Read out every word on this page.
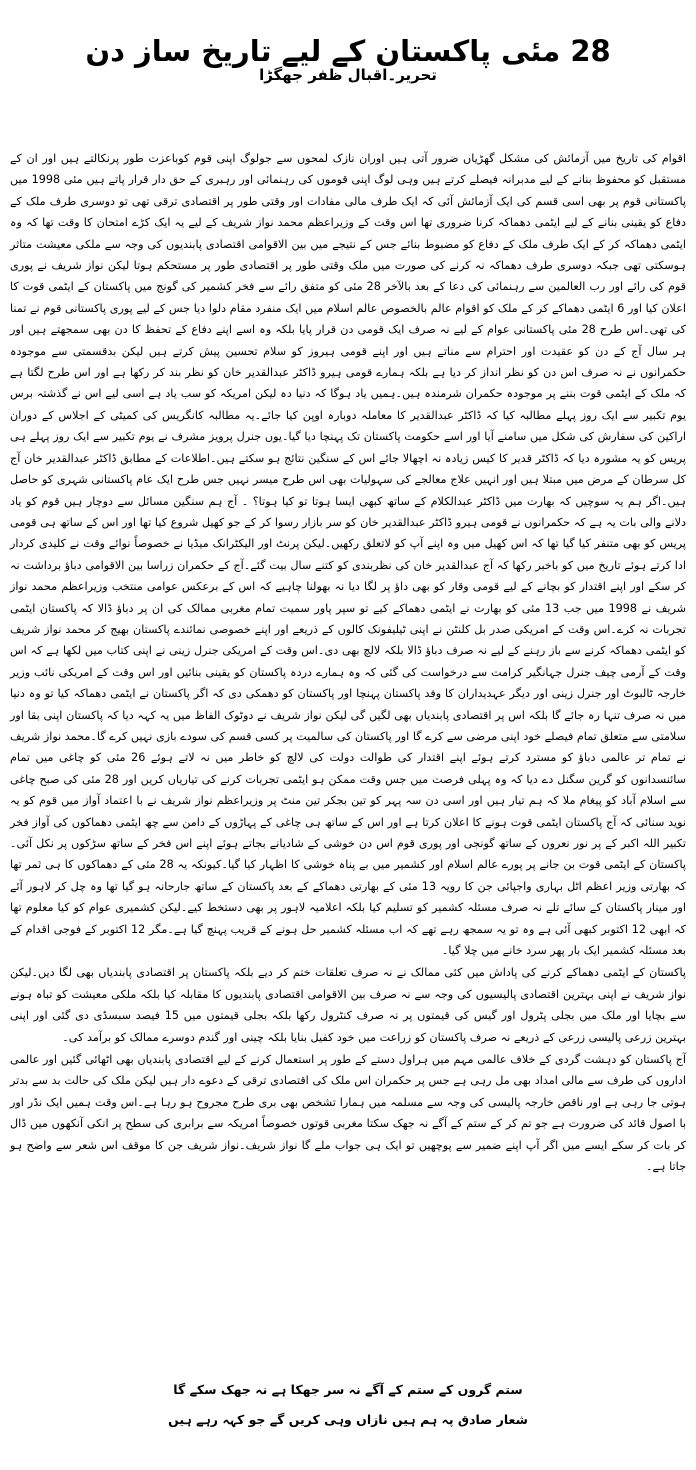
28 مئی پاکستان کے لیے تاریخ ساز دن
تحریر۔اقبال ظفر جھگڑا

اقوام کی تاریخ میں آزمائش کی مشکل گھڑیاں ضرور آتی ہیں اوران نازک لمحوں سے جولوگ اپنی قوم کوباعزت طور پرنکالتے ہیں اور ان کے مستقبل کو محفوظ بنانے کے لیے مدبرانہ فیصلے کرتے ہیں وہی لوگ اپنی قوموں کی رہنمائی اور رہبری کے حق دار قرار پاتے ہیں مئی 1998 میں پاکستانی قوم پر بھی اسی قسم کی ایک آزمائش آئی کہ ایک طرف مالی مفادات اور وقتی طور پر اقتصادی ترقی تھی تو دوسری طرف ملک کے دفاع کو یقینی بنانے کے لیے ایٹمی دھماکہ کرنا ضروری تھا اس وقت کے وزیراعظم محمد نواز شریف کے لیے یہ ایک کڑے امتحان کا وقت تھا کہ وہ ایٹمی دھماکہ کر کے ایک طرف ملک کے دفاع کو مضبوط بنائے جس کے نتیجے میں بین الاقوامی اقتصادی پابندیوں کی وجہ سے ملکی معیشت متاثر ہوسکتی تھی جبکہ دوسری طرف دھماکہ نہ کرنے کی صورت میں ملک وقتی طور پر اقتصادی طور پر مستحکم ہوتا لیکن نواز شریف نے پوری قوم کی رائے اور رب العالمین سے رہنمائی کی دعا کے بعد بالآخر 28 مئی کو متفق رائے سے فخر کشمیر کی گونج میں پاکستان کے ایٹمی قوت کا اعلان کیا اور 6 ایٹمی دھماکے کر کے ملک کو اقوام عالم بالخصوص عالم اسلام میں ایک منفرد مقام دلوا دیا جس کے لیے پوری پاکستانی قوم نے تمنا کی تھی۔اس طرح 28 مئی پاکستانی عوام کے لیے نہ صرف ایک قومی دن قرار پایا بلکہ وہ اسے اپنے دفاع کے تحفظ کا دن بھی سمجھتے ہیں اور ہر سال آج کے دن کو عقیدت اور احترام سے مناتے ہیں اور اپنے قومی ہیروز کو سلام تحسین پیش کرتے ہیں لیکن بدقسمتی سے موجودہ حکمرانوں نے نہ صرف اس دن کو نظر انداز کر دیا ہے بلکہ ہمارے قومی ہیرو ڈاکٹر عبدالقدیر خان کو نظر بند کر رکھا ہے اور اس طرح لگتا ہے کہ ملک کے ایٹمی قوت بننے پر موجودہ حکمران شرمندہ ہیں۔ہمیں یاد ہوگا کہ دنیا دہ لیکن امریکہ کو سب یاد ہے اسی لیے اس نے گذشتہ برس یوم تکبیر سے ایک روز پہلے مطالبہ کیا کہ ڈاکٹر عبدالقدیر کا معاملہ دوبارہ اوپن کیا جائے۔یہ مطالبہ کانگریس کی کمیٹی کے اجلاس کے دوران اراکین کی سفارش کی شکل میں سامنے آیا اور اسے حکومت پاکستان تک پہنچا دیا گیا۔یوں جنرل پرویز مشرف نے یوم تکبیر سے ایک روز پہلے ہی پریس کو یہ مشورہ دیا کہ ڈاکٹر قدیر کا کیس زیادہ نہ اچھالا جائے اس کے سنگین نتائج ہو سکتے ہیں۔اطلاعات کے مطابق ڈاکٹر عبدالقدیر خان آج کل سرطان کے مرض میں مبتلا ہیں اور انہیں علاج معالجے کی سہولیات بھی اس طرح میسر نہیں جس طرح ایک عام پاکستانی شہری کو حاصل ہیں۔اگر ہم یہ سوچیں کہ بھارت میں ڈاکٹر عبدالکلام کے ساتھ کبھی ایسا ہوتا تو کیا ہوتا؟ ۔ آج ہم سنگین مسائل سے دوچار ہیں قوم کو یاد دلانے والی بات یہ ہے کہ حکمرانوں نے قومی ہیرو ڈاکٹر عبدالقدیر خان کو سر بازار رسوا کر کے جو کھیل شروع کیا تھا اور اس کے ساتھ ہی قومی پریس کو بھی متنفر کیا گیا تھا کہ اس کھیل میں وہ اپنے آپ کو لاتعلق رکھیں۔لیکن پرنٹ اور الیکٹرانک میڈیا نے خصوصاً نوائے وقت نے کلیدی کردار ادا کرتے ہوئے تاریخ میں کو باخبر رکھا کہ آج عبدالقدیر خان کی نظربندی کو کتنے سال بیت گئے۔آج کے حکمران زراسا بین الاقوامی دباؤ برداشت نہ کر سکے اور اپنے اقتدار کو بچانے کے لیے قومی وقار کو بھی داؤ پر لگا دیا نہ بھولنا چاہیے کہ اس کے برعکس عوامی منتخب وزیراعظم محمد نواز شریف نے 1998 میں جب 13 مئی کو بھارت نے ایٹمی دھماکے کیے تو سپر پاور سمیت تمام مغربی ممالک کی ان پر دباؤ ڈالا کہ پاکستان ایٹمی تجربات نہ کرے۔اس وقت کے امریکی صدر بل کلنٹن نے اپنی ٹیلیفونک کالوں کے ذریعے اور اپنے خصوصی نمائندے پاکستان بھیج کر محمد نواز شریف کو ایٹمی دھماکہ کرنے سے باز رہنے کے لیے نہ صرف دباؤ ڈالا بلکہ لالچ بھی دی۔اس وقت کے امریکی جنرل زینی نے اپنی کتاب میں لکھا ہے کہ اس وقت کے آرمی چیف جنرل جہانگیر کرامت سے درخواست کی گئی کہ وہ ہمارے دردہ پاکستان کو یقینی بنائیں اور اس وقت کے امریکی نائب وزیر خارجہ ٹالبوٹ اور جنرل زینی اور دیگر عہدیداران کا وفد پاکستان پہنچا اور پاکستان کو دھمکی دی کہ اگر پاکستان نے ایٹمی دھماکہ کیا تو وہ دنیا میں نہ صرف تنہا رہ جائے گا بلکہ اس پر اقتصادی پابندیاں بھی لگیں گی لیکن نواز شریف نے دوٹوک الفاظ میں یہ کہہ دیا کہ پاکستان اپنی بقا اور سلامتی سے متعلق تمام فیصلے خود اپنی مرضی سے کرے گا اور پاکستان کی سالمیت پر کسی قسم کی سودے بازی نہیں کرے گا۔محمد نواز شریف نے تمام تر عالمی دباؤ کو مسترد کرتے ہوئے اپنے اقتدار کی طوالت دولت کی لالچ کو خاطر میں نہ لاتے ہوئے 26 مئی کو چاغی میں تمام سائنسدانوں کو گرین سگنل دے دیا کہ وہ پہلی فرصت میں جس وقت ممکن ہو ایٹمی تجربات کرنے کی تیاریاں کریں اور 28 مئی کی صبح چاغی سے اسلام آباد کو پیغام ملا کہ ہم تیار ہیں اور اسی دن سہ پہر کو تین بجکر تین منٹ پر وزیراعظم نواز شریف نے با اعتماد آواز میں قوم کو یہ نوید سنائی کہ آج پاکستان ایٹمی قوت ہونے کا اعلان کرتا ہے اور اس کے ساتھ ہی چاغی کے پہاڑوں کے دامن سے چھ ایٹمی دھماکوں کی آواز فخر تکبیر اللہ اکبر کے پر نور نعروں کے ساتھ گونجی اور پوری قوم اس دن خوشی کے شادیانے بجاتے ہوئے اپنے اس فخر کے ساتھ سڑکوں پر نکل آئی۔پاکستان کے ایٹمی قوت بن جانے پر پورے عالم اسلام اور کشمیر میں بے پناہ خوشی کا اظہار کیا گیا۔کیونکہ یہ 28 مئی کے دھماکوں کا ہی ثمر تھا کہ بھارتی وزیر اعظم اٹل بہاری واجپائی جن کا رویہ 13 مئی کے بھارتی دھماکے کے بعد پاکستان کے ساتھ جارحانہ ہو گیا تھا وہ چل کر لاہور آئے اور مینار پاکستان کے سائے تلے نہ صرف مسئلہ کشمیر کو تسلیم کیا بلکہ اعلامیہ لاہور پر بھی دستخط کیے۔لیکن کشمیری عوام کو کیا معلوم تھا کہ ابھی 12 اکتوبر کبھی آئی ہے وہ تو یہ سمجھ رہے تھے کہ اب مسئلہ کشمیر حل ہونے کے قریب پہنچ گیا ہے۔مگر 12 اکتوبر کے فوجی اقدام کے بعد مسئلہ کشمیر ایک بار پھر سرد خانے میں چلا گیا۔

پاکستان کے ایٹمی دھماکے کرنے کی پاداش میں کئی ممالک نے نہ صرف تعلقات ختم کر دیے بلکہ پاکستان پر اقتصادی پابندیاں بھی لگا دیں۔لیکن نواز شریف نے اپنی بہترین اقتصادی پالیسیوں کی وجہ سے نہ صرف بین الاقوامی اقتصادی پابندیوں کا مقابلہ کیا بلکہ ملکی معیشت کو تباہ ہونے سے بچایا اور ملک میں بجلی پٹرول اور گیس کی قیمتوں پر نہ صرف کنٹرول رکھا بلکہ بجلی قیمتوں میں 15 فیصد سبسڈی دی گئی اور اپنی بہترین زرعی پالیسی زرعی کے ذریعے نہ صرف پاکستان کو زراعت میں خود کفیل بنایا بلکہ چینی اور گندم دوسرے ممالک کو برآمد کی۔

آج پاکستان کو دہشت گردی کے خلاف عالمی مہم میں ہراول دستے کے طور پر استعمال کرنے کے لیے اقتصادی پابندیاں بھی اٹھائی گئیں اور عالمی اداروں کی طرف سے مالی امداد بھی مل رہی ہے جس پر حکمران اس ملک کی اقتصادی ترقی کے دعوے دار ہیں لیکن ملک کی حالت بد سے بدتر ہوتی جا رہی ہے اور ناقص خارجہ پالیسی کی وجہ سے مسلمہ میں ہمارا تشخص بھی بری طرح مجروح ہو رہا ہے۔اس وقت ہمیں ایک نڈر اور با اصول قائد کی ضرورت ہے جو تم کر کے ستم کے آگے نہ جھک سکتا مغربی قوتوں خصوصاً امریکہ سے برابری کی سطح پر انکی آنکھوں میں ڈال کر بات کر سکے ایسے میں اگر آپ اپنے ضمیر سے پوچھیں تو ایک ہی جواب ملے گا نواز شریف۔نواز شریف جن کا موقف اس شعر سے واضح ہو جاتا ہے۔

ستم گروں کے ستم کے آگے نہ سر جھکا ہے نہ جھک سکے گا
شعار صادق پہ ہم ہیں نازاں وہی کریں گے جو کہہ رہے ہیں
